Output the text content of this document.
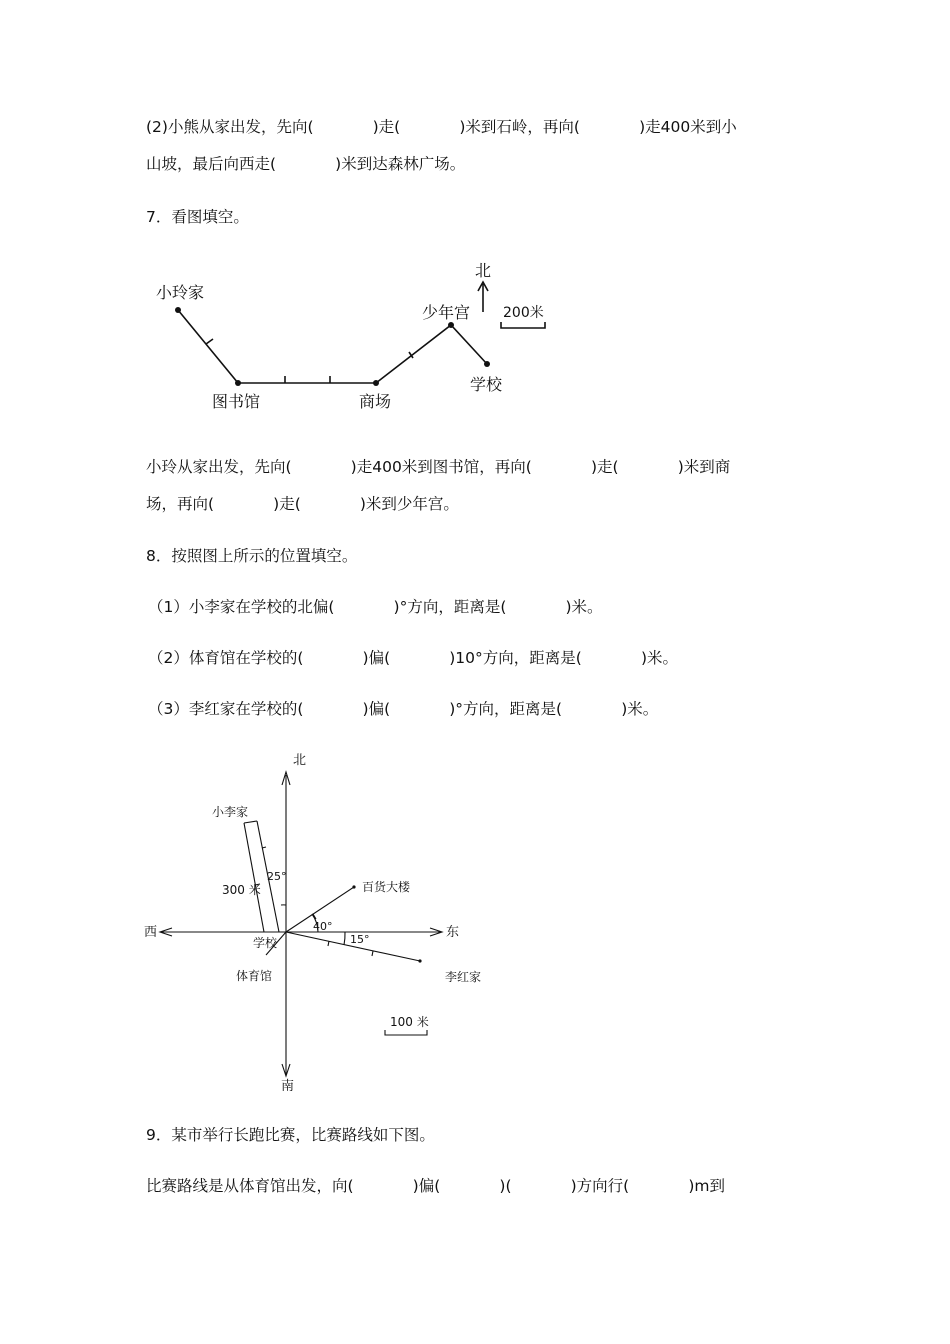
(2)小熊从家出发，先向(            )走(            )米到石岭，再向(            )走400米到小
山坡，最后向西走(            )米到达森林广场。
7．看图填空。
北
200米
小玲家
图书馆	商场
少年宫
学校
小玲从家出发，先向(            )走400米到图书馆，再向(            )走(            )米到商
场，再向(            )走(            )米到少年宫。
8．按照图上所示的位置填空。
（1）小李家在学校的北偏(            )°方向，距离是(            )米。
（2）体育馆在学校的(            )偏(            )10°方向，距离是(            )米。
（3）李红家在学校的(            )偏(            )°方向，距离是(            )米。
北
南
东
西
学校
小李家
百货大楼
体育馆	李红家
300 米
25°
40°
15°
100 米
9．某市举行长跑比赛，比赛路线如下图。
比赛路线是从体育馆出发，向(            )偏(            )(            )方向行(            )m到
